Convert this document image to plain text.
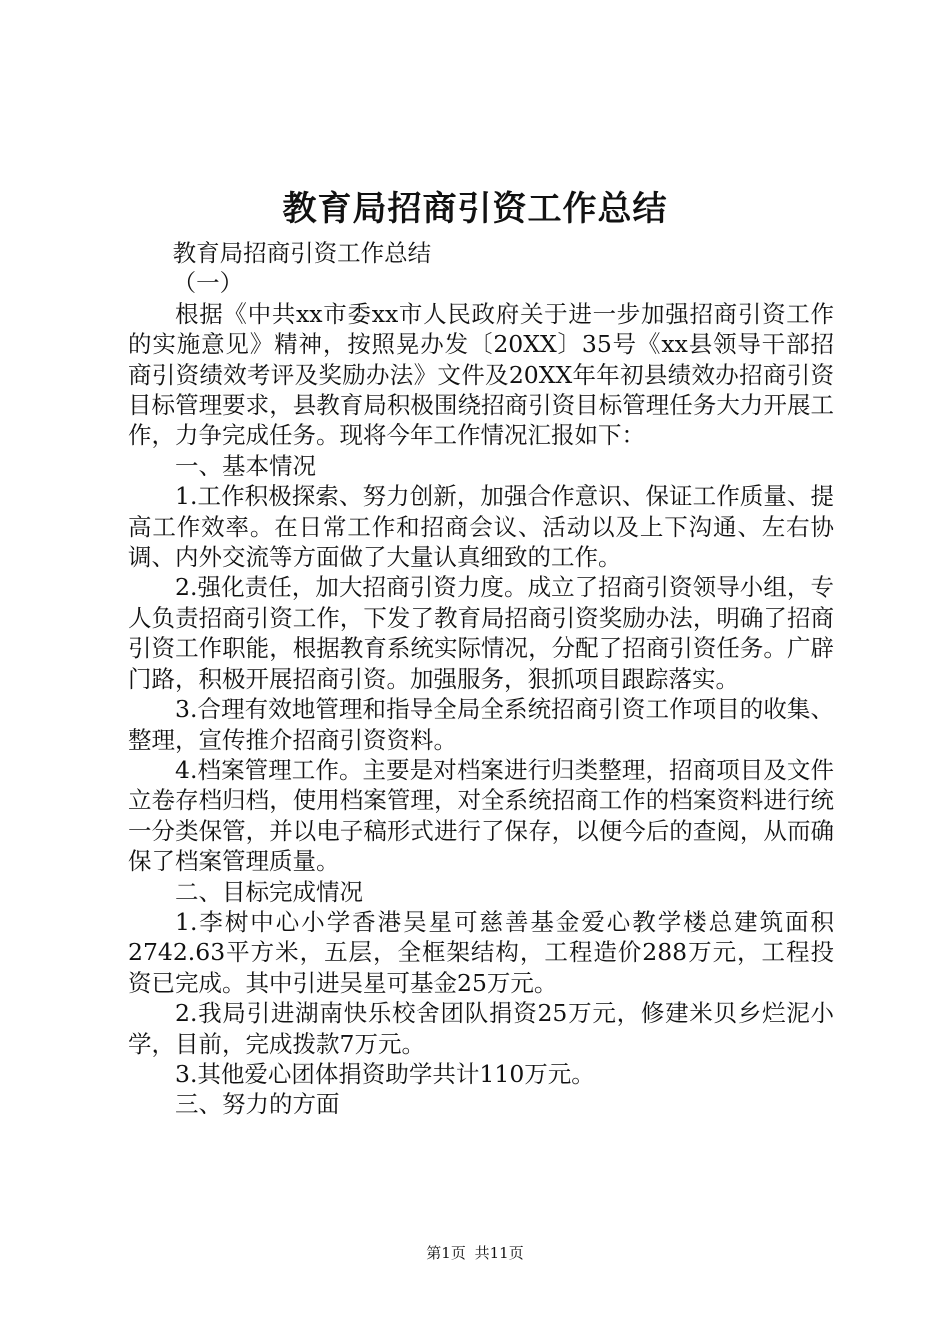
教育局招商引资工作总结

教育局招商引资工作总结

（一）

根据《中共xx市委xx市人民政府关于进一步加强招商引资工作的实施意见》精神，按照晃办发〔20XX〕35号《xx县领导干部招商引资绩效考评及奖励办法》文件及20XX年年初县绩效办招商引资目标管理要求，县教育局积极围绕招商引资目标管理任务大力开展工作，力争完成任务。现将今年工作情况汇报如下：

一、基本情况

1.工作积极探索、努力创新，加强合作意识、保证工作质量、提高工作效率。在日常工作和招商会议、活动以及上下沟通、左右协调、内外交流等方面做了大量认真细致的工作。

2.强化责任，加大招商引资力度。成立了招商引资领导小组，专人负责招商引资工作，下发了教育局招商引资奖励办法，明确了招商引资工作职能，根据教育系统实际情况，分配了招商引资任务。广辟门路，积极开展招商引资。加强服务，狠抓项目跟踪落实。

3.合理有效地管理和指导全局全系统招商引资工作项目的收集、整理，宣传推介招商引资资料。

4.档案管理工作。主要是对档案进行归类整理，招商项目及文件立卷存档归档，使用档案管理，对全系统招商工作的档案资料进行统一分类保管，并以电子稿形式进行了保存，以便今后的查阅，从而确保了档案管理质量。

二、目标完成情况

1.李树中心小学香港吴星可慈善基金爱心教学楼总建筑面积2742.63平方米，五层，全框架结构，工程造价288万元，工程投资已完成。其中引进吴星可基金25万元。

2.我局引进湖南快乐校舍团队捐资25万元，修建米贝乡烂泥小学，目前，完成拨款7万元。

3.其他爱心团体捐资助学共计110万元。

三、努力的方面

第1页 共11页
